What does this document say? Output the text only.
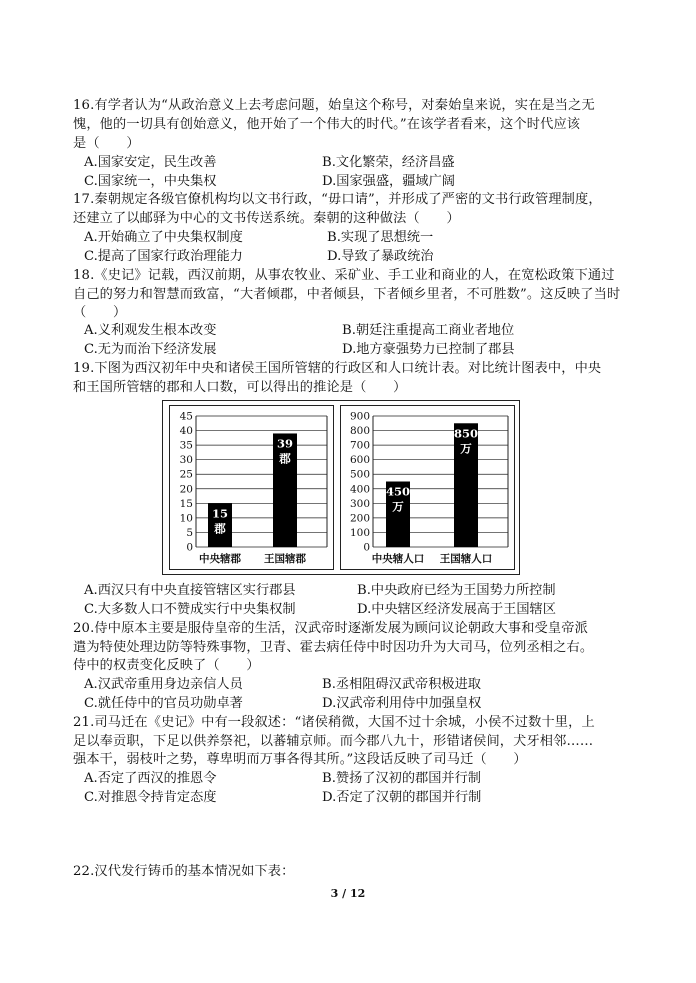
16.有学者认为“从政治意义上去考虑问题，始皇这个称号，对秦始皇来说，实在是当之无
愧，他的一切具有创始意义，他开始了一个伟大的时代。”在该学者看来，这个时代应该
是（　　）
A.国家安定，民生改善	B.文化繁荣，经济昌盛
C.国家统一，中央集权	D.国家强盛，疆域广阔
17.秦朝规定各级官僚机构均以文书行政，“毋口请”，并形成了严密的文书行政管理制度，
还建立了以邮驿为中心的文书传送系统。秦朝的这种做法（　　）
A.开始确立了中央集权制度	B.实现了思想统一
C.提高了国家行政治理能力	D.导致了暴政统治
18.《史记》记载，西汉前期，从事农牧业、采矿业、手工业和商业的人，在宽松政策下通过
自己的努力和智慧而致富，“大者倾郡，中者倾县，下者倾乡里者，不可胜数”。这反映了当时
（　　）
A.义利观发生根本改变	B.朝廷注重提高工商业者地位
C.无为而治下经济发展	D.地方豪强势力已控制了郡县
19.下图为西汉初年中央和诸侯王国所管辖的行政区和人口统计表。对比统计图表中，中央
和王国所管辖的郡和人口数，可以得出的推论是（　　）
0
5
10
15
20
25
30
35
40
45
15
郡
中央辖郡
39
郡
王国辖郡
0
100
200
300
400
500
600
700
800
900
450
万
中央辖人口
850
万
王国辖人口
A.西汉只有中央直接管辖区实行郡县	B.中央政府已经为王国势力所控制
C.大多数人口不赞成实行中央集权制	D.中央辖区经济发展高于王国辖区
20.侍中原本主要是服侍皇帝的生活，汉武帝时逐渐发展为顾问议论朝政大事和受皇帝派
遣为特使处理边防等特殊事物，卫青、霍去病任侍中时因功升为大司马，位列丞相之右。
侍中的权责变化反映了（　　）
A.汉武帝重用身边亲信人员	B.丞相阻碍汉武帝积极进取
C.就任侍中的官员功勋卓著	D.汉武帝利用侍中加强皇权
21.司马迁在《史记》中有一段叙述：“诸侯稍微，大国不过十余城，小侯不过数十里，上
足以奉贡职，下足以供养祭祀，以蕃辅京师。而今郡八九十，形错诸侯间，犬牙相邻……
强本干，弱枝叶之势，尊卑明而万事各得其所。”这段话反映了司马迁（　　）
A.否定了西汉的推恩令	B.赞扬了汉初的郡国并行制
C.对推恩令持肯定态度	D.否定了汉朝的郡国并行制
22.汉代发行铸币的基本情况如下表：
3 / 12
